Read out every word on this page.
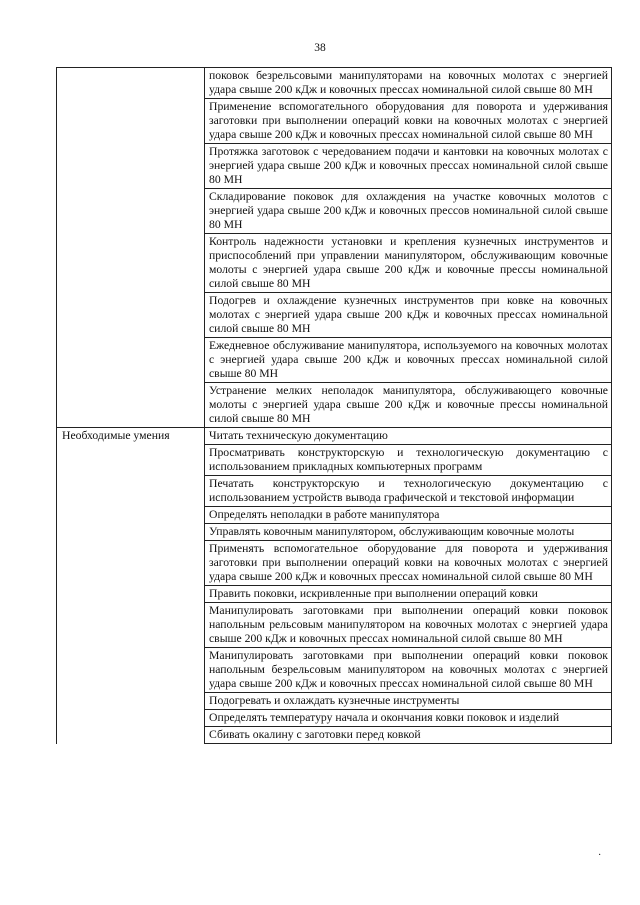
38
	поковок безрельсовыми манипуляторами на ковочных молотах с энергией удара свыше 200 кДж и ковочных прессах номинальной силой свыше 80 МН
	Применение вспомогательного оборудования для поворота и удерживания заготовки при выполнении операций ковки на ковочных молотах с энергией удара свыше 200 кДж и ковочных прессах номинальной силой свыше 80 МН
	Протяжка заготовок с чередованием подачи и кантовки на ковочных молотах с энергией удара свыше 200 кДж и ковочных прессах номинальной силой свыше 80 МН
	Складирование поковок для охлаждения на участке ковочных молотов с энергией удара свыше 200 кДж и ковочных прессов номинальной силой свыше 80 МН
	Контроль надежности установки и крепления кузнечных инструментов и приспособлений при управлении манипулятором, обслуживающим ковочные молоты с энергией удара свыше 200 кДж и ковочные прессы номинальной силой свыше 80 МН
	Подогрев и охлаждение кузнечных инструментов при ковке на ковочных молотах с энергией удара свыше 200 кДж и ковочных прессах номинальной силой свыше 80 МН
	Ежедневное обслуживание манипулятора, используемого на ковочных молотах с энергией удара свыше 200 кДж и ковочных прессах номинальной силой свыше 80 МН
	Устранение мелких неполадок манипулятора, обслуживающего ковочные молоты с энергией удара свыше 200 кДж и ковочные прессы номинальной силой свыше 80 МН
Необходимые умения	Читать техническую документацию
	Просматривать конструкторскую и технологическую документацию с использованием прикладных компьютерных программ
	Печатать конструкторскую и технологическую документацию с использованием устройств вывода графической и текстовой информации
	Определять неполадки в работе манипулятора
	Управлять ковочным манипулятором, обслуживающим ковочные молоты
	Применять вспомогательное оборудование для поворота и удерживания заготовки при выполнении операций ковки на ковочных молотах с энергией удара свыше 200 кДж и ковочных прессах номинальной силой свыше 80 МН
	Править поковки, искривленные при выполнении операций ковки
	Манипулировать заготовками при выполнении операций ковки поковок напольным рельсовым манипулятором на ковочных молотах с энергией удара свыше 200 кДж и ковочных прессах номинальной силой свыше 80 МН
	Манипулировать заготовками при выполнении операций ковки поковок напольным безрельсовым манипулятором на ковочных молотах с энергией удара свыше 200 кДж и ковочных прессах номинальной силой свыше 80 МН
	Подогревать и охлаждать кузнечные инструменты
	Определять температуру начала и окончания ковки поковок и изделий
	Сбивать окалину с заготовки перед ковкой
·
